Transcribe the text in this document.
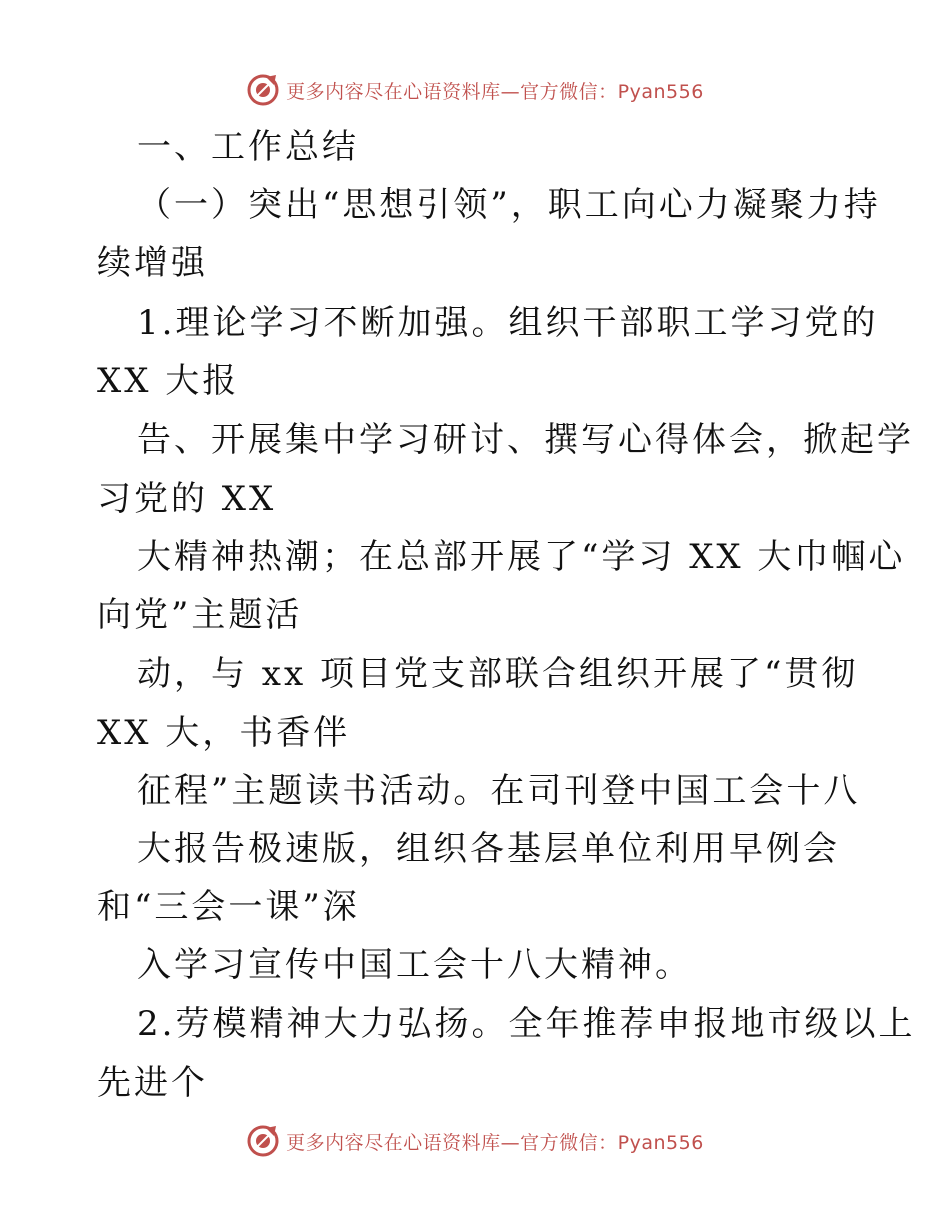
更多内容尽在心语资料库—官方微信：Pyan556
一、工作总结
（一）突出“思想引领”，职工向心力凝聚力持
续增强
1.理论学习不断加强。组织干部职工学习党的
XX 大报
告、开展集中学习研讨、撰写心得体会，掀起学
习党的 XX
大精神热潮；在总部开展了“学习 XX 大巾帼心
向党”主题活
动，与 xx 项目党支部联合组织开展了“贯彻
XX 大，书香伴
征程”主题读书活动。在司刊登中国工会十八
大报告极速版，组织各基层单位利用早例会
和“三会一课”深
入学习宣传中国工会十八大精神。
2.劳模精神大力弘扬。全年推荐申报地市级以上
先进个
更多内容尽在心语资料库—官方微信：Pyan556
